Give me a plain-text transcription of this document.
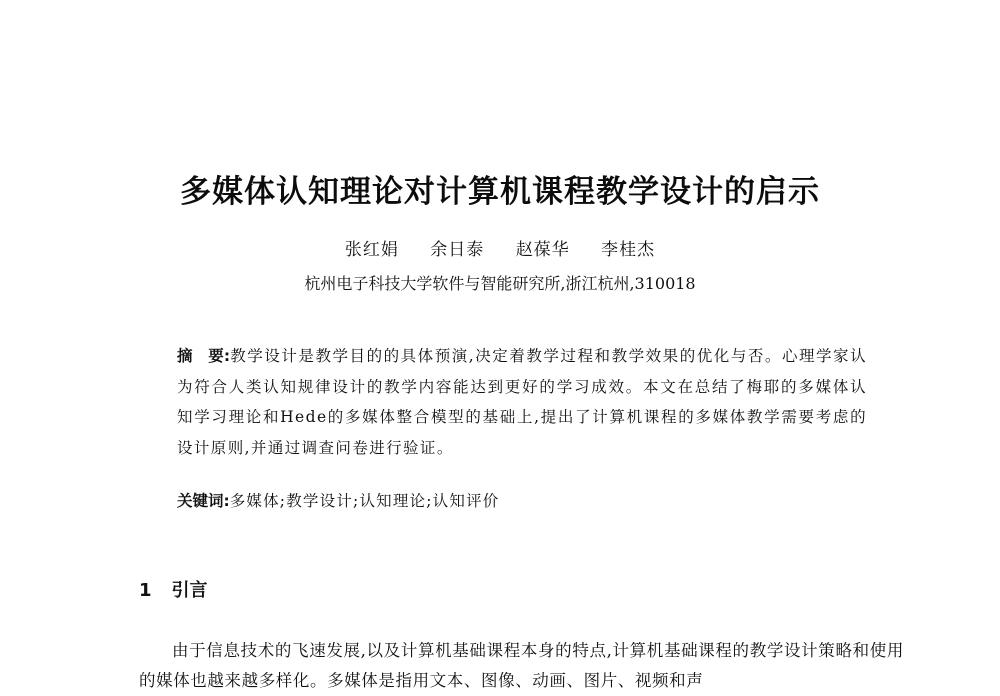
多媒体认知理论对计算机课程教学设计的启示
张红娟 余日泰 赵葆华 李桂杰
杭州电子科技大学软件与智能研究所,浙江杭州,310018
摘　要:教学设计是教学目的的具体预演,决定着教学过程和教学效果的优化与否。心理学家认为符合人类认知规律设计的教学内容能达到更好的学习成效。本文在总结了梅耶的多媒体认知学习理论和Hede的多媒体整合模型的基础上,提出了计算机课程的多媒体教学需要考虑的设计原则,并通过调查问卷进行验证。
关键词:多媒体;教学设计;认知理论;认知评价
1 引言
由于信息技术的飞速发展,以及计算机基础课程本身的特点,计算机基础课程的教学设计策略和使用的媒体也越来越多样化。多媒体是指用文本、图像、动画、图片、视频和声
